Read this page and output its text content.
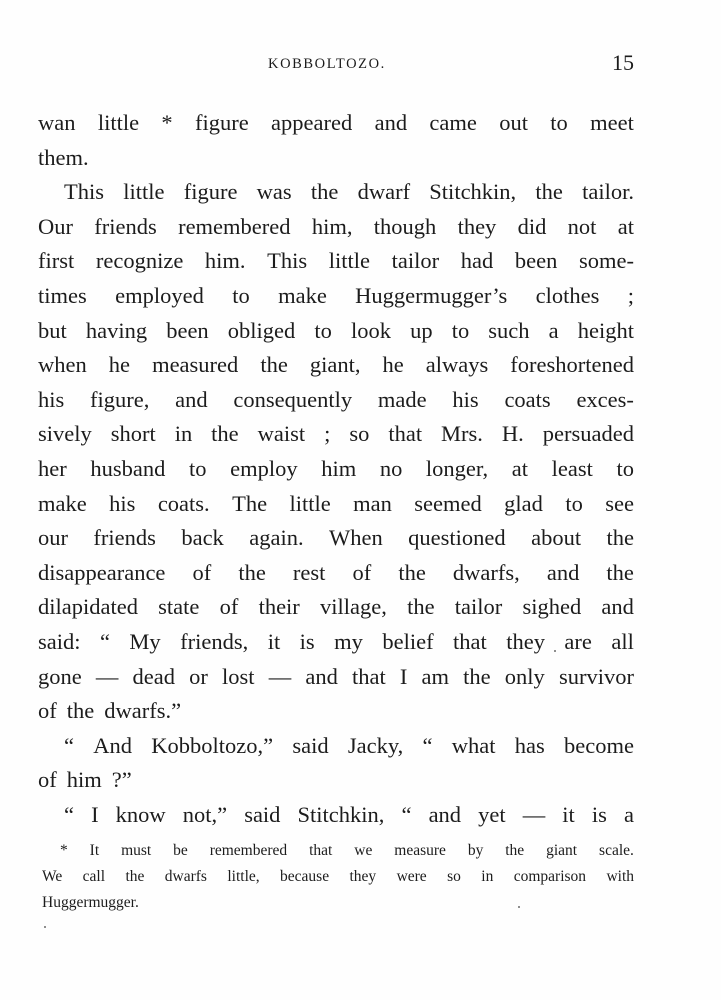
KOBBOLTOZO.	15
wan little * figure appeared and came out to meet
them.
This little figure was the dwarf Stitchkin, the tailor.
Our friends remembered him, though they did not at
first recognize him. This little tailor had been some-
times employed to make Huggermugger’s clothes ;
but having been obliged to look up to such a height
when he measured the giant, he always foreshortened
his figure, and consequently made his coats exces-
sively short in the waist ; so that Mrs. H. persuaded
her husband to employ him no longer, at least to
make his coats. The little man seemed glad to see
our friends back again. When questioned about the
disappearance of the rest of the dwarfs, and the
dilapidated state of their village, the tailor sighed and
said: “ My friends, it is my belief that they are all
gone — dead or lost — and that I am the only survivor
of the dwarfs.”
“ And Kobboltozo,” said Jacky, “ what has become
of him ?”
“ I know not,” said Stitchkin, “ and yet — it is a
* It must be remembered that we measure by the giant scale.
We call the dwarfs little, because they were so in comparison with
Huggermugger.
